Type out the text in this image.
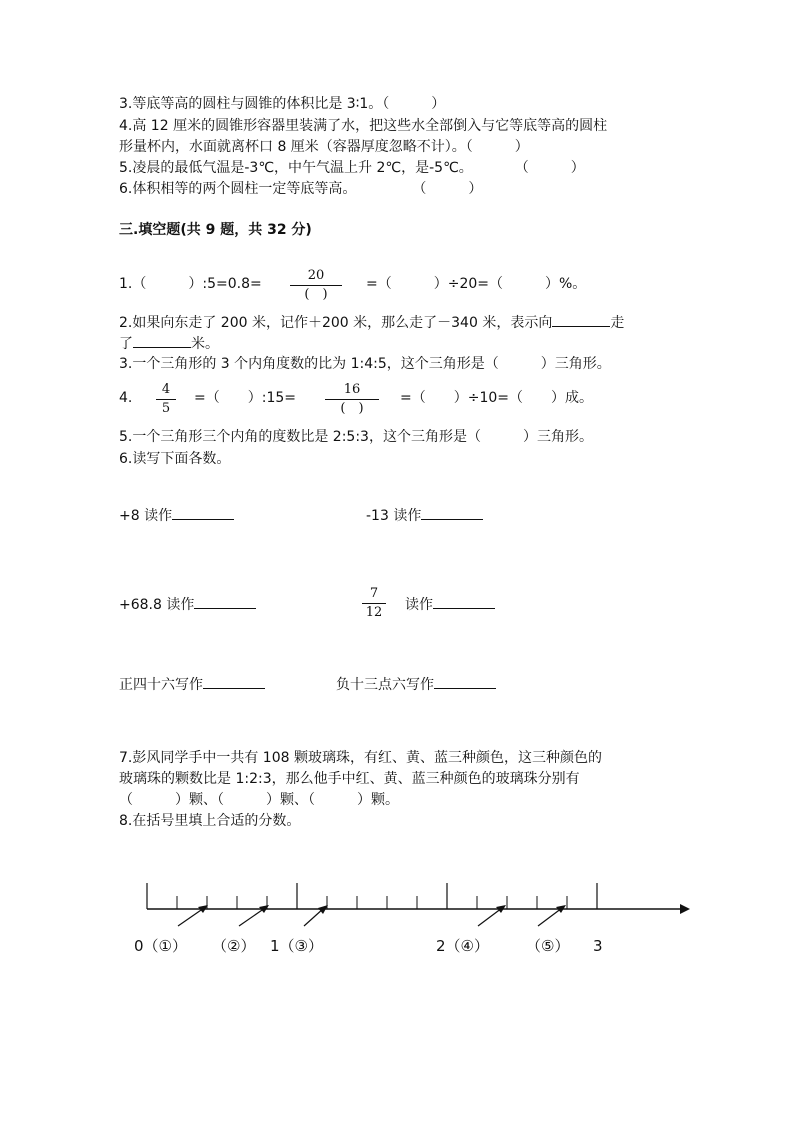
3.等底等高的圆柱与圆锥的体积比是 3∶1。（　　　）
4.高 12 厘米的圆锥形容器里装满了水，把这些水全部倒入与它等底等高的圆柱
形量杯内，水面就离杯口 8 厘米（容器厚度忽略不计）。（　　　）
5.凌晨的最低气温是-3℃，中午气温上升 2℃，是-5℃。　　　　（　　　）
6.体积相等的两个圆柱一定等底等高。　　　　　（　　　）
三.填空题(共 9 题，共 32 分)
1.（　　　）:5=0.8=
20
(　)
=（　　　）÷20=（　　　）%。
2.如果向东走了 200 米，记作＋200 米，那么走了－340 米，表示向	走
了	米。
3.一个三角形的 3 个内角度数的比为 1:4:5，这个三角形是（　　　）三角形。
4.
4
5
=（　　）:15=
16
(　)
=（　　）÷10=（　　）成。
5.一个三角形三个内角的度数比是 2:5:3，这个三角形是（　　　）三角形。
6.读写下面各数。
+8 读作	-13 读作
+68.8 读作
7
12 读作
正四十六写作	负十三点六写作
7.彭风同学手中一共有 108 颗玻璃珠，有红、黄、蓝三种颜色，这三种颜色的
玻璃珠的颗数比是 1:2:3，那么他手中红、黄、蓝三种颜色的玻璃珠分别有
（　　　）颗、（　　　）颗、（　　　）颗。
8.在括号里填上合适的分数。
0（①） （②） 1（③）	2（④） （⑤） 3
